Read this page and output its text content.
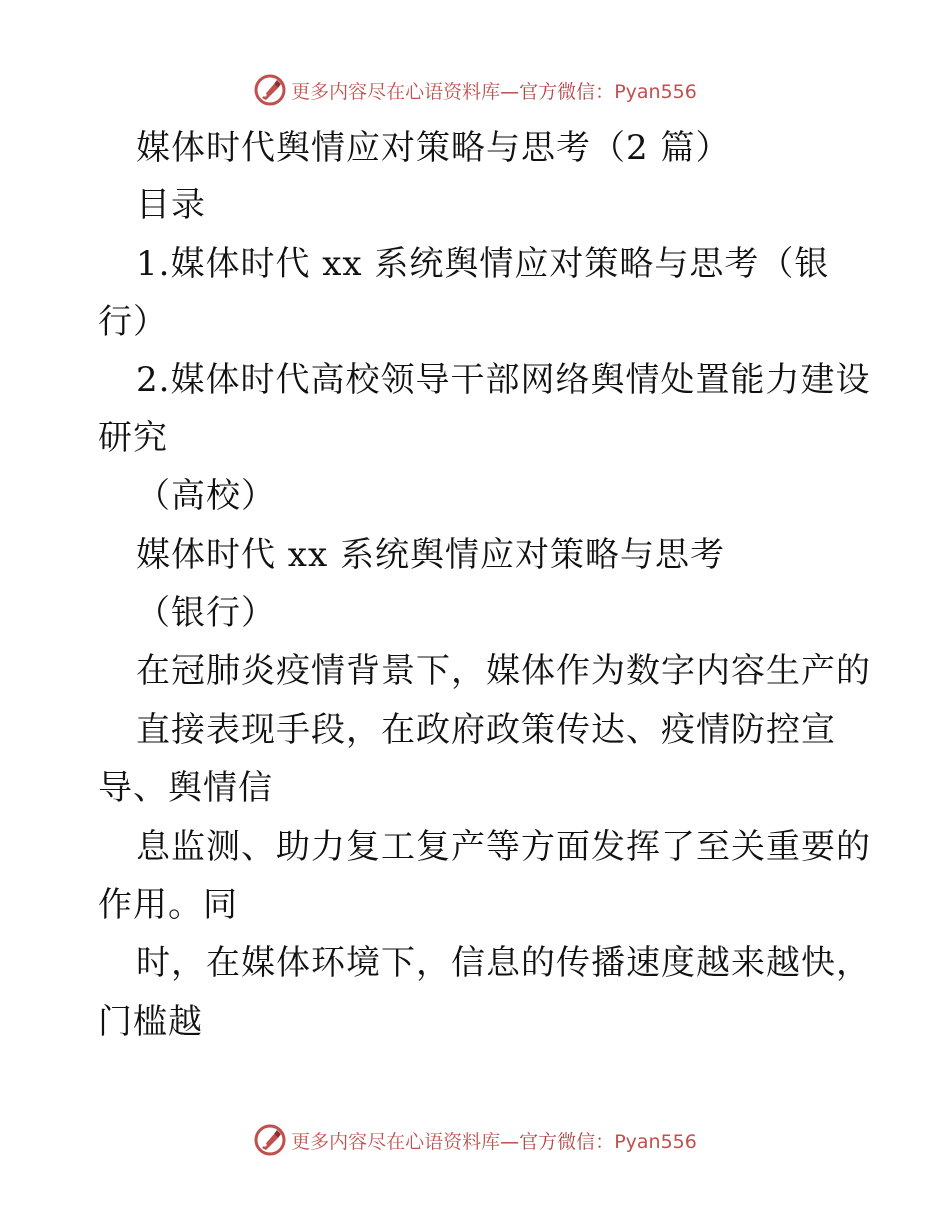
更多内容尽在心语资料库—官方微信：Pyan556
媒体时代舆情应对策略与思考（2 篇）
目录
1.媒体时代 xx 系统舆情应对策略与思考（银
行）
2.媒体时代高校领导干部网络舆情处置能力建设
研究
（高校）
媒体时代 xx 系统舆情应对策略与思考
（银行）
在冠肺炎疫情背景下，媒体作为数字内容生产的
直接表现手段，在政府政策传达、疫情防控宣
导、舆情信
息监测、助力复工复产等方面发挥了至关重要的
作用。同
时，在媒体环境下，信息的传播速度越来越快，
门槛越
更多内容尽在心语资料库—官方微信：Pyan556
